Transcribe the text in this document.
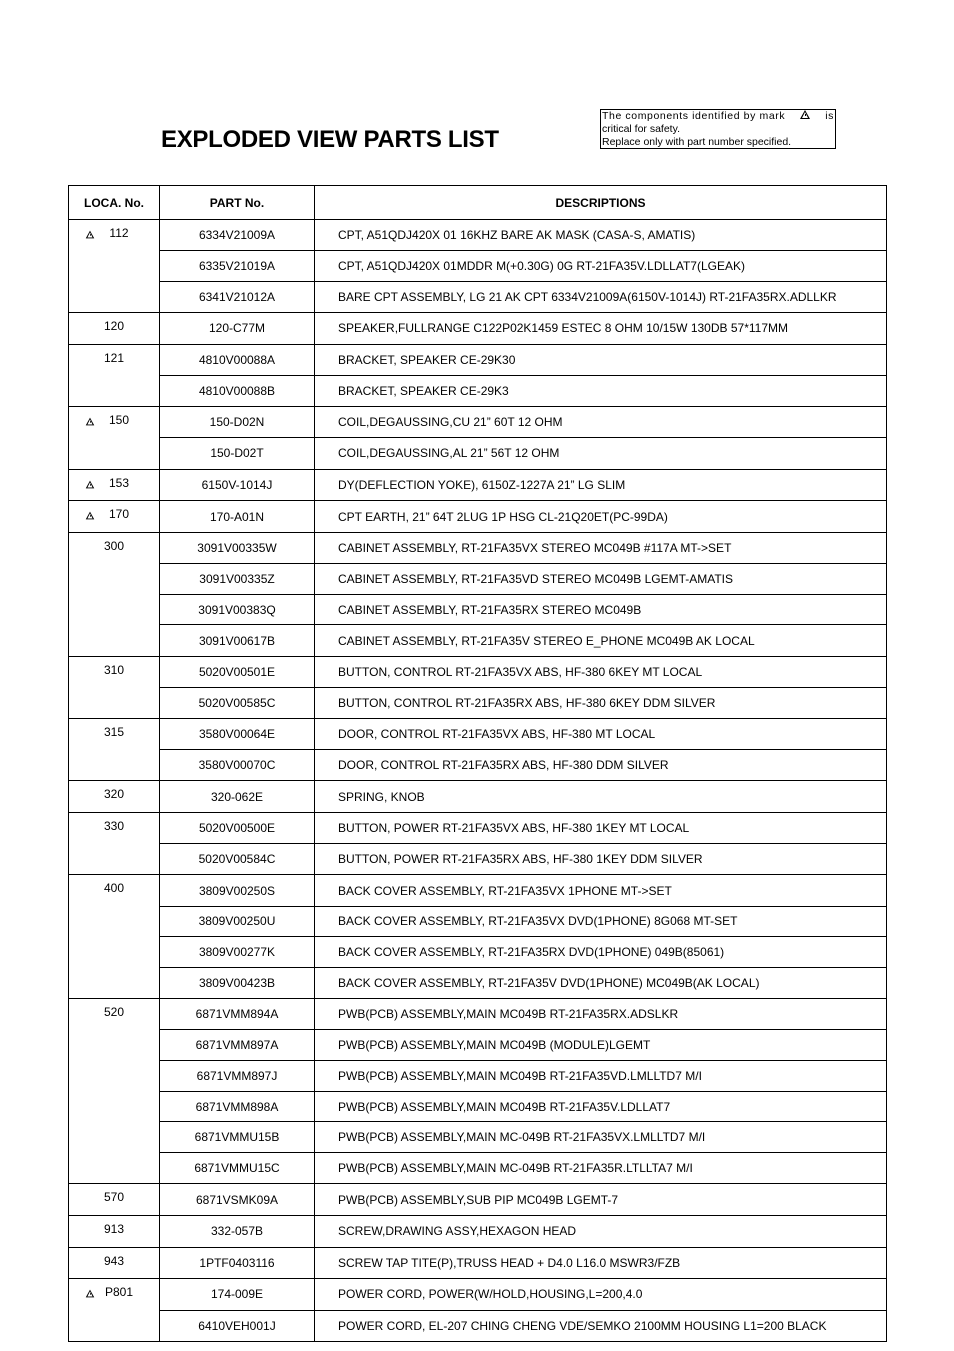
EXPLODED VIEW PARTS LIST
The components identified by mark	is
critical for safety.
Replace only with part number specified.
LOCA. No.	PART No.	DESCRIPTIONS

112	6334V21009A	CPT, A51QDJ420X 01 16KHZ BARE AK MASK (CASA-S, AMATIS)
	6335V21019A	CPT, A51QDJ420X 01MDDR M(+0.30G) 0G RT-21FA35V.LDLLAT7(LGEAK)
	6341V21012A	BARE CPT ASSEMBLY, LG 21 AK CPT 6334V21009A(6150V-1014J) RT-21FA35RX.ADLLKR
120	120-C77M	SPEAKER,FULLRANGE C122P02K1459 ESTEC 8 OHM 10/15W 130DB 57*117MM
121	4810V00088A	BRACKET, SPEAKER CE-29K30
	4810V00088B	BRACKET, SPEAKER CE-29K3

150	150-D02N	COIL,DEGAUSSING,CU 21” 60T 12 OHM
	150-D02T	COIL,DEGAUSSING,AL 21” 56T 12 OHM

153	6150V-1014J	DY(DEFLECTION YOKE), 6150Z-1227A 21” LG SLIM

170	170-A01N	CPT EARTH, 21” 64T 2LUG 1P HSG CL-21Q20ET(PC-99DA)
300	3091V00335W	CABINET ASSEMBLY, RT-21FA35VX STEREO MC049B #117A MT->SET
	3091V00335Z	CABINET ASSEMBLY, RT-21FA35VD STEREO MC049B LGEMT-AMATIS
	3091V00383Q	CABINET ASSEMBLY, RT-21FA35RX STEREO MC049B
	3091V00617B	CABINET ASSEMBLY, RT-21FA35V STEREO E_PHONE MC049B AK LOCAL
310	5020V00501E	BUTTON, CONTROL RT-21FA35VX ABS, HF-380 6KEY MT LOCAL
	5020V00585C	BUTTON, CONTROL RT-21FA35RX ABS, HF-380 6KEY DDM SILVER
315	3580V00064E	DOOR, CONTROL RT-21FA35VX ABS, HF-380 MT LOCAL
	3580V00070C	DOOR, CONTROL RT-21FA35RX ABS, HF-380 DDM SILVER
320	320-062E	SPRING, KNOB
330	5020V00500E	BUTTON, POWER RT-21FA35VX ABS, HF-380 1KEY MT LOCAL
	5020V00584C	BUTTON, POWER RT-21FA35RX ABS, HF-380 1KEY DDM SILVER
400	3809V00250S	BACK COVER ASSEMBLY, RT-21FA35VX 1PHONE MT->SET
	3809V00250U	BACK COVER ASSEMBLY, RT-21FA35VX DVD(1PHONE) 8G068 MT-SET
	3809V00277K	BACK COVER ASSEMBLY, RT-21FA35RX DVD(1PHONE) 049B(85061)
	3809V00423B	BACK COVER ASSEMBLY, RT-21FA35V DVD(1PHONE) MC049B(AK LOCAL)
520	6871VMM894A	PWB(PCB) ASSEMBLY,MAIN MC049B RT-21FA35RX.ADSLKR
	6871VMM897A	PWB(PCB) ASSEMBLY,MAIN MC049B (MODULE)LGEMT
	6871VMM897J	PWB(PCB) ASSEMBLY,MAIN MC049B RT-21FA35VD.LMLLTD7 M/I
	6871VMM898A	PWB(PCB) ASSEMBLY,MAIN MC049B RT-21FA35V.LDLLAT7
	6871VMMU15B	PWB(PCB) ASSEMBLY,MAIN MC-049B RT-21FA35VX.LMLLTD7 M/I
	6871VMMU15C	PWB(PCB) ASSEMBLY,MAIN MC-049B RT-21FA35R.LTLLTA7 M/I
570	6871VSMK09A	PWB(PCB) ASSEMBLY,SUB PIP MC049B LGEMT-7
913	332-057B	SCREW,DRAWING ASSY,HEXAGON HEAD
943	1PTF0403116	SCREW TAP TITE(P),TRUSS HEAD + D4.0 L16.0 MSWR3/FZB

P801	174-009E	POWER CORD, POWER(W/HOLD,HOUSING,L=200,4.0
	6410VEH001J	POWER CORD, EL-207 CHING CHENG VDE/SEMKO 2100MM HOUSING L1=200 BLACK
